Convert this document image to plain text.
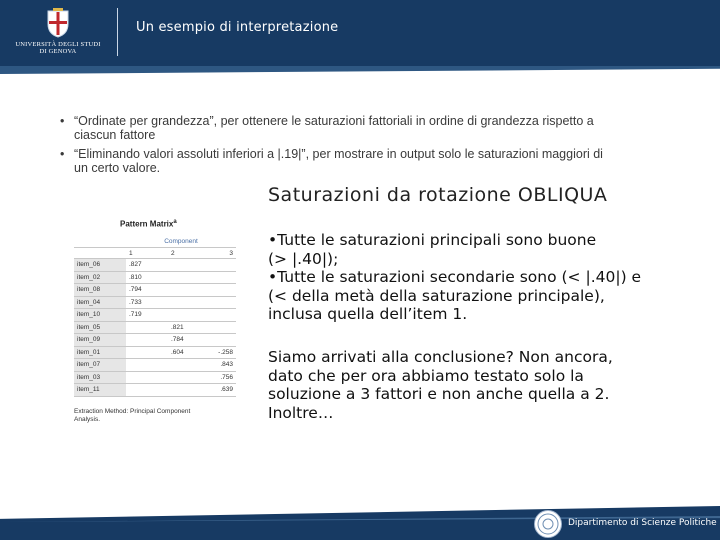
UNIVERSITÀ DEGLI STUDI
DI GENOVA
Un esempio di interpretazione
• “Ordinate per grandezza”, per ottenere le saturazioni fattoriali in ordine di grandezza rispetto a ciascun fattore
• “Eliminando valori assoluti inferiori a |.19|”, per mostrare in output solo le saturazioni maggiori di un certo valore.
Pattern Matrix$^a$
	Component		
	1	2	3
item_06	.827		
item_02	.810		
item_08	.794		
item_04	.733		
item_10	.719		
item_05		.821	
item_09		.784	
item_01		.604	-.258
item_07			.843
item_03			.756
item_11			.639
Extraction Method: Principal Component
Analysis.
Saturazioni da rotazione OBLIQUA
•Tutte le saturazioni principali sono buone
(> |.40|);
•Tutte le saturazioni secondarie sono (< |.40|) e
(< della metà della saturazione principale),
inclusa quella dell’item 1.
Siamo arrivati alla conclusione? Non ancora,
dato che per ora abbiamo testato solo la
soluzione a 3 fattori e non anche quella a 2.
Inoltre…
Dipartimento di Scienze Politiche
